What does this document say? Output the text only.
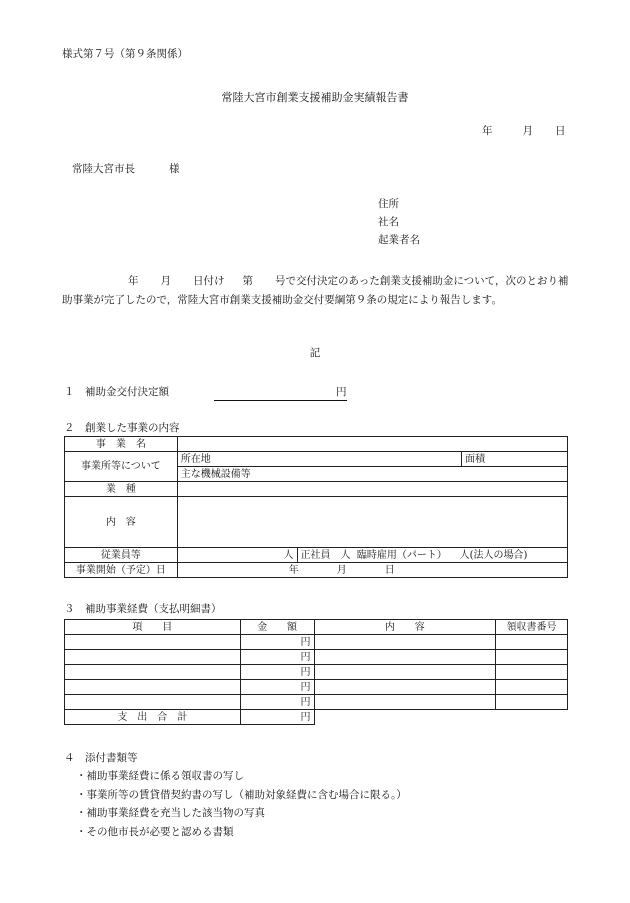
様式第７号（第９条関係）
常陸大宮市創業支援補助金実績報告書
年	月 日
常陸大宮市長	様
住所
社名
起業者名
年 月 日付け 第 号で交付決定のあった創業支援補助金について，次のとおり補助事業が完了したので，常陸大宮市創業支援補助金交付要綱第９条の規定により報告します。
記
１　補助金交付決定額	円
２　創業した事業の内容
事　業　名			
事業所等について	所在地		面積
	主な機械設備等		
業　種			
内　容			
従業員等	人	正社員　人 臨時雇用（パート） 人(法人の場合)	
事業開始（予定）日	年 月 日		
３　補助事業経費（支払明細書）
項　　目	金　　額	内　　容	領収書番号
	円		
	円		
	円		
	円		
	円		
支　出　合　計	円		
４　添付書類等
・補助事業経費に係る領収書の写し
・事業所等の賃貸借契約書の写し（補助対象経費に含む場合に限る。）
・補助事業経費を充当した該当物の写真
・その他市長が必要と認める書類
